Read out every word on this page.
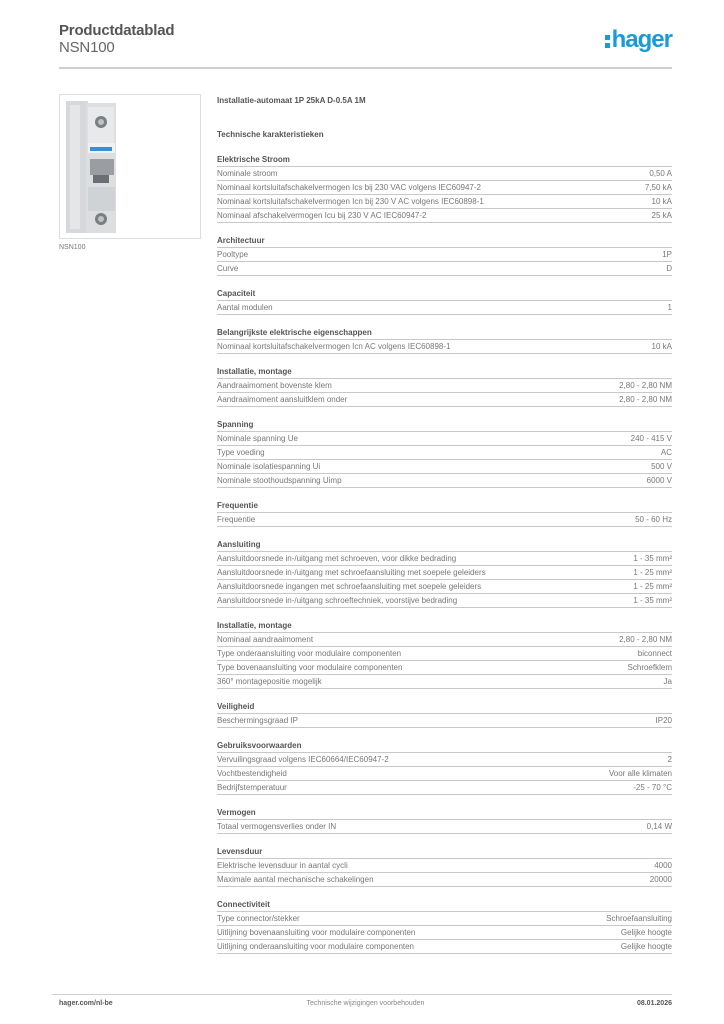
Productdatablad
NSN100	hager
NSN100
Installatie-automaat 1P 25kA D-0.5A 1M
Technische karakteristieken
Elektrische Stroom
Nominale stroom	0,50 A
Nominaal kortsluitafschakelvermogen Ics bij 230 VAC volgens IEC60947-2	7,50 kA
Nominaal kortsluitafschakelvermogen Icn bij 230 V AC volgens IEC60898-1	10 kA
Nominaal afschakelvermogen Icu bij 230 V AC IEC60947-2	25 kA
Architectuur
Pooltype	1P
Curve	D
Capaciteit
Aantal modulen	1
Belangrijkste elektrische eigenschappen
Nominaal kortsluitafschakelvermogen Icn AC volgens IEC60898-1	10 kA
Installatie, montage
Aandraaimoment bovenste klem	2,80 - 2,80 NM
Aandraaimoment aansluitklem onder	2,80 - 2,80 NM
Spanning
Nominale spanning Ue	240 - 415 V
Type voeding	AC
Nominale isolatiespanning Ui	500 V
Nominale stoothoudspanning Uimp	6000 V
Frequentie
Frequentie	50 - 60 Hz
Aansluiting
Aansluitdoorsnede in-/uitgang met schroeven, voor dikke bedrading	1 - 35 mm²
Aansluitdoorsnede in-/uitgang met schroefaansluiting met soepele geleiders	1 - 25 mm²
Aansluitdoorsnede ingangen met schroefaansluiting met soepele geleiders	1 - 25 mm²
Aansluitdoorsnede in-/uitgang schroeftechniek, voorstijve bedrading	1 - 35 mm²
Installatie, montage
Nominaal aandraaimoment	2,80 - 2,80 NM
Type onderaansluiting voor modulaire componenten	biconnect
Type bovenaansluiting voor modulaire componenten	Schroefklem
360° montagepositie mogelijk	Ja
Veiligheid
Beschermingsgraad IP	IP20
Gebruiksvoorwaarden
Vervuilingsgraad volgens IEC60664/IEC60947-2	2
Vochtbestendigheid	Voor alle klimaten
Bedrijfstemperatuur	-25 - 70 °C
Vermogen
Totaal vermogensverlies onder IN	0,14 W
Levensduur
Elektrische levensduur in aantal cycli	4000
Maximale aantal mechanische schakelingen	20000
Connectiviteit
Type connector/stekker	Schroefaansluiting
Uitlijning bovenaansluiting voor modulaire componenten	Gelijke hoogte
Uitlijning onderaansluiting voor modulaire componenten	Gelijke hoogte
hager.com/nl-be	Technische wijzigingen voorbehouden	08.01.2026
